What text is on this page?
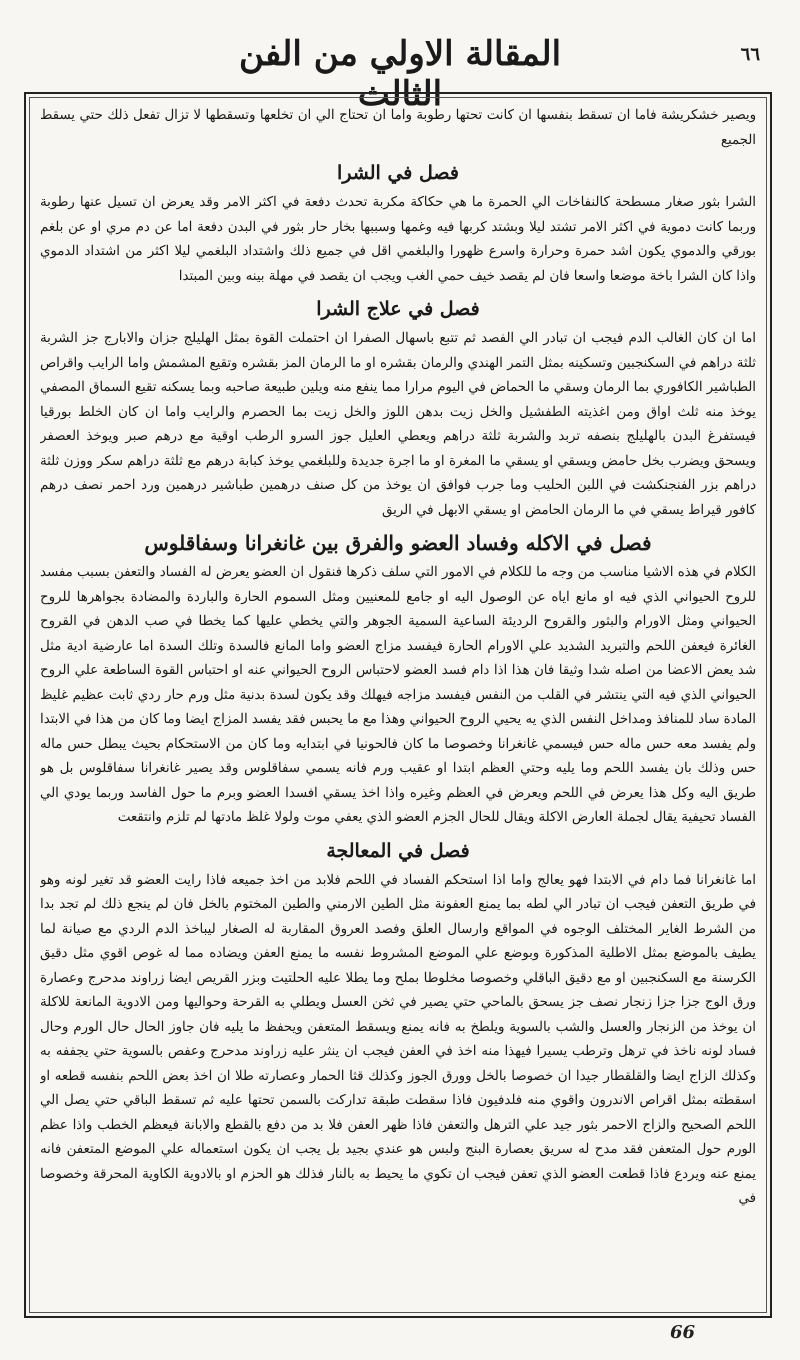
المقالة الاولي من الفن الثالث
٦٦

ويصير خشكريشة فاما ان تسقط بنفسها ان كانت تحتها رطوبة واما ان تحتاج الي ان تخلعها وتسقطها لا تزال تفعل ذلك حتي يسقط الجميع

فصل في الشرا

الشرا بثور صغار مسطحة كالنفاخات الي الحمرة ما هي حكاكة مكربة تحدث دفعة في اكثر الامر وقد يعرض ان تسيل عنها رطوبة وربما كانت دموية في اكثر الامر تشتد ليلا وبشتد كربها فيه وغمها وسببها بخار حار بثور في البدن دفعة اما عن دم مري او عن بلغم بورقي والدموي يكون اشد حمرة وحرارة واسرع ظهورا والبلغمي اقل في جميع ذلك واشتداد البلغمي ليلا اكثر من اشتداد الدموي واذا كان الشرا باخة موضعا واسعا فان لم يقصد خيف حمي الغب ويجب ان يقصد في مهلة بينه وبين المبتدا

فصل في علاج الشرا

اما ان كان الغالب الدم فيجب ان تبادر الي الفصد ثم تتبع باسهال الصفرا ان احتملت القوة بمثل الهليلج جزان والابارج جز الشربة ثلثة دراهم في السكنجبين وتسكينه بمثل التمر الهندي والرمان بقشره او ما الرمان المز بقشره وتقيع المشمش واما الرايب واقراص الطباشير الكافوري بما الرمان وسقي ما الحماض في اليوم مرارا مما ينفع منه ويلين طبيعة صاحبه وبما يسكنه تقيع السماق المصفي يوخذ منه ثلث اواق ومن اغذيته الطفشيل والخل زيت بدهن اللوز والخل زيت بما الحصرم والرايب واما ان كان الخلط بورقيا فيستفرغ البدن بالهليلج بنصفه تربد والشربة ثلثة دراهم ويعطي العليل جوز السرو الرطب اوقية مع درهم صبر ويوخذ العصفر ويسحق ويضرب بخل حامض ويسقي او يسقي ما المغرة او ما اجرة جديدة وللبلغمي يوخذ كبابة درهم مع ثلثة دراهم سكر ووزن ثلثة دراهم بزر الفنجنكشت في اللبن الحليب وما جرب فوافق ان يوخذ من كل صنف درهمين طباشير درهمين ورد احمر نصف درهم كافور قيراط يسقي في ما الرمان الحامض او يسقي الابهل في الريق

فصل في الاكله وفساد العضو والفرق بين غانغرانا وسفاقلوس

الكلام في هذه الاشيا مناسب من وجه ما للكلام في الامور التي سلف ذكرها فنقول ان العضو يعرض له الفساد والتعفن بسبب مفسد للروح الحيواني الذي فيه او مانع اياه عن الوصول اليه او جامع للمعنيين ومثل السموم الحارة والباردة والمضادة بجواهرها للروح الحيواني ومثل الاورام والبثور والقروح الرديئة الساعية السمية الجوهر والتي يخطي عليها كما يخطا في صب الدهن في القروح الغائرة فيعفن اللحم والتبريد الشديد علي الاورام الحارة فيفسد مزاج العضو واما المانع فالسدة وتلك السدة اما عارضية ادية مثل شد يعض الاعضا من اصله شدا وثيقا فان هذا اذا دام فسد العضو لاحتباس الروح الحيواني عنه او احتباس القوة الساطعة علي الروح الحيواني الذي فيه التي ينتشر في القلب من النفس فيفسد مزاجه فيهلك وقد يكون لسدة بدنية مثل ورم حار ردي ثابت عظيم غليظ المادة ساد للمنافذ ومداخل النفس الذي يه يحيي الروح الحيواني وهذا مع ما يحبس فقد يفسد المزاج ايضا وما كان من هذا في الابتدا ولم يفسد معه حس ماله حس فيسمي غانغرانا وخصوصا ما كان فالحونيا في ابتدايه وما كان من الاستحكام بحيث يبطل حس ماله حس وذلك بان يفسد اللحم وما يليه وحتي العظم ابتدا او عقيب ورم فانه يسمي سفاقلوس وقد يصير غانغرانا سفاقلوس بل هو طريق اليه وكل هذا يعرض في اللحم ويعرض في العظم وغيره واذا اخذ يسقي افسدا العضو وبرم ما حول الفاسد وربما يودي الي الفساد تحيفية يقال لجملة العارض الاكلة ويقال للحال الجزم العضو الذي يعفي موت ولولا غلظ مادتها لم تلزم وانتقعت

فصل في المعالجة

اما غانغرانا فما دام في الابتدا فهو يعالج واما اذا استحكم الفساد في اللحم فلابد من اخذ جميعه فاذا رايت العضو قد تغير لونه وهو في طريق التعفن فيجب ان تبادر الي لطه بما يمنع العفونة مثل الطين الارمني والطين المختوم بالخل فان لم ينجع ذلك لم تجد بدا من الشرط الغاير المختلف الوجوه في المواقع وارسال العلق وفصد العروق المقاربة له الصغار ليباخذ الدم الردي مع صيانة لما يطيف بالموضع بمثل الاطلية المذكورة وبوضع علي الموضع المشروط نفسه ما يمنع العفن ويضاده مما له غوص اقوي مثل دقيق الكرسنة مع السكنجبين او مع دقيق الباقلي وخصوصا مخلوطا بملح وما يطلا عليه الحلتيت وبزر القريص ايضا زراوند مدحرج وعصارة ورق الوج جزا جزا زنجار نصف جز يسحق بالماحي حتي يصير في ثخن العسل ويطلي به القرحة وحواليها ومن الادوية المانعة للاكلة ان يوخذ من الزنجار والعسل والشب بالسوية ويلطخ به فانه يمنع ويسقط المتعفن ويحفظ ما يليه فان جاوز الحال حال الورم وحال فساد لونه ناخذ في ترهل وترطب يسيرا فيهذا منه اخذ في العفن فيجب ان ينثر عليه زراوند مدحرج وعفص بالسوية حتي يجففه به وكذلك الزاج ايضا والقلقطار جيدا ان خصوصا بالخل وورق الجوز وكذلك قثا الحمار وعصارته طلا ان اخذ بعض اللحم بنفسه قطعه او اسقطته بمثل اقراص الاندرون واقوي منه فلدفيون فاذا سقطت طبقة تداركت بالسمن تحتها عليه ثم تسقط الباقي حتي يصل الي اللحم الصحيح والزاج الاحمر بثور جيد علي الترهل والتعفن فاذا ظهر العفن فلا بد من دفع بالقطع والابانة فيعظم الخطب واذا عظم الورم حول المتعفن فقد مدح له سريق بعصارة البنج ولبس هو عندي بجيد بل يجب ان يكون استعماله علي الموضع المتعفن فانه يمنع عنه ويردع فاذا قطعت العضو الذي تعفن فيجب ان تكوي ما يحيط به بالنار فذلك هو الحزم او بالادوية الكاوية المحرقة وخصوصا في

66
